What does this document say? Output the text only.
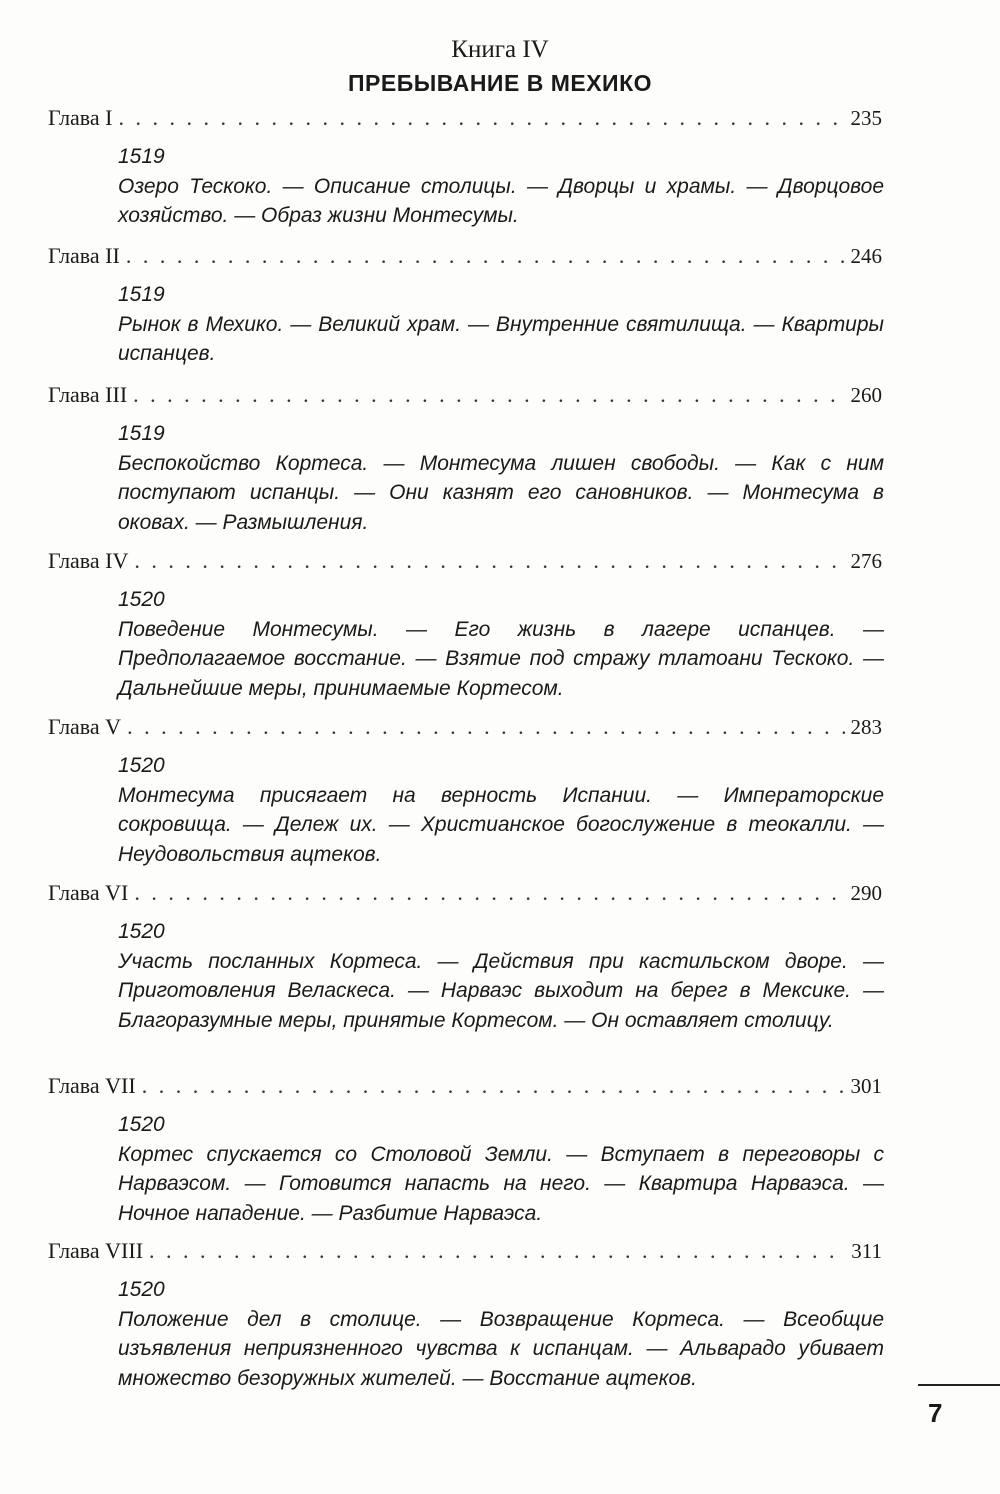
Книга IV
ПРЕБЫВАНИЕ В МЕХИКО
Глава I . . .	235
1519
Озеро Тескоко. — Описание столицы. — Дворцы и храмы. — Дворцовое хозяйство. — Образ жизни Монтесумы.
Глава II . . .	246
1519
Рынок в Мехико. — Великий храм. — Внутренние святилища. — Квартиры испанцев.
Глава III . . .	260
1519
Беспокойство Кортеса. — Монтесума лишен свободы. — Как с ним поступают испанцы. — Они казнят его сановников. — Монтесума в оковах. — Размышления.
Глава IV . . .	276
1520
Поведение Монтесумы. — Его жизнь в лагере испанцев. — Предполагаемое восстание. — Взятие под стражу тлатоани Тескоко. — Дальнейшие меры, принимаемые Кортесом.
Глава V . . .	283
1520
Монтесума присягает на верность Испании. — Императорские сокровища. — Дележ их. — Христианское богослужение в теокалли. — Неудовольствия ацтеков.
Глава VI . . .	290
1520
Участь посланных Кортеса. — Действия при кастильском дворе. — Приготовления Веласкеса. — Нарваэс выходит на берег в Мексике. — Благоразумные меры, принятые Кортесом. — Он оставляет столицу.
Глава VII . . .	301
1520
Кортес спускается со Столовой Земли. — Вступает в переговоры с Нарваэсом. — Готовится напасть на него. — Квартира Нарваэса. — Ночное нападение. — Разбитие Нарваэса.
Глава VIII . . .	311
1520
Положение дел в столице. — Возвращение Кортеса. — Всеобщие изъявления неприязненного чувства к испанцам. — Альварадо убивает множество безоружных жителей. — Восстание ацтеков.
7
